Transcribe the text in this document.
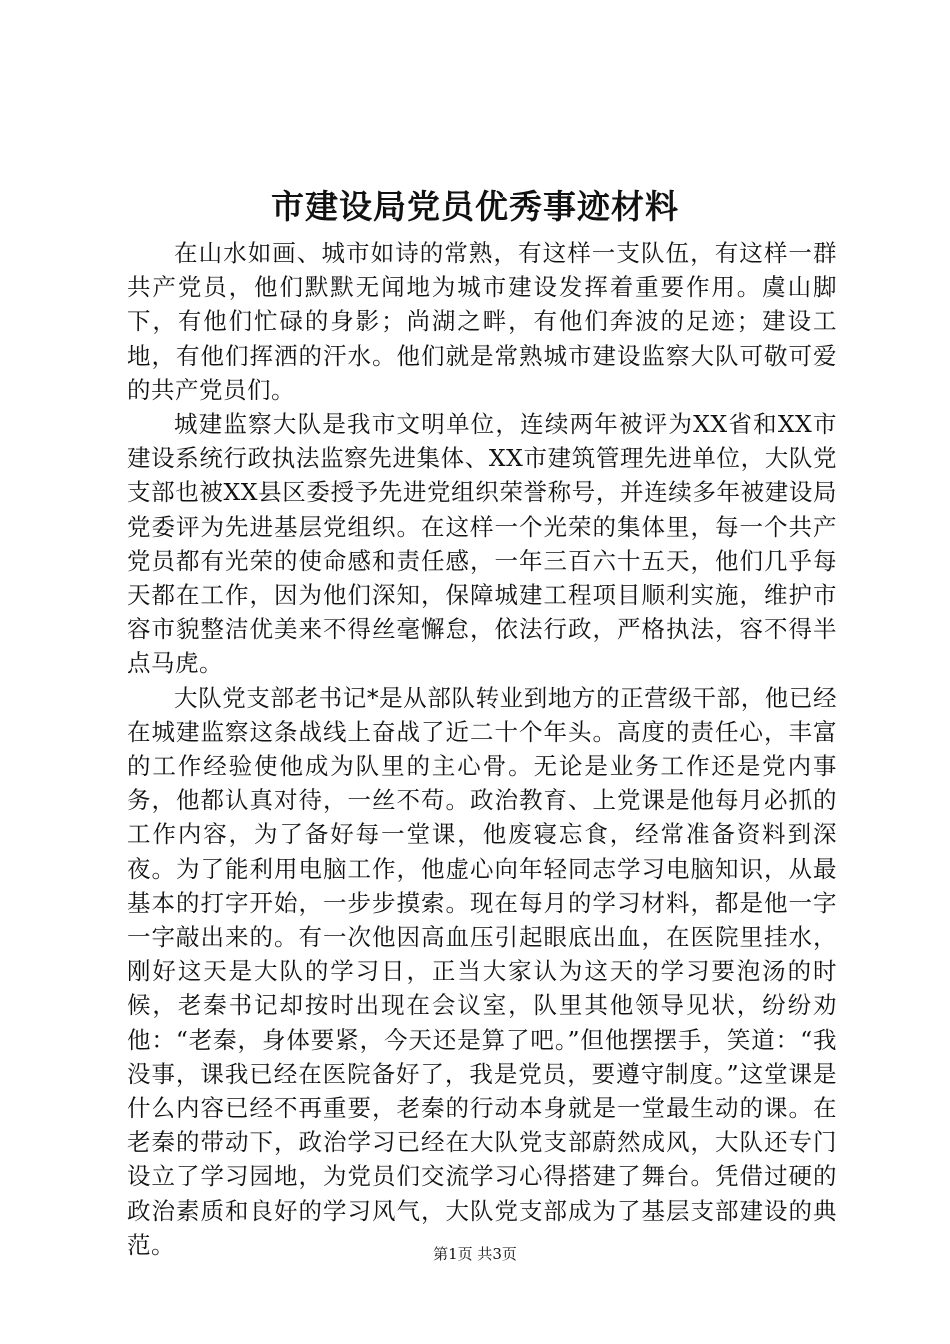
市建设局党员优秀事迹材料

在山水如画、城市如诗的常熟，有这样一支队伍，有这样一群共产党员，他们默默无闻地为城市建设发挥着重要作用。虞山脚下，有他们忙碌的身影；尚湖之畔，有他们奔波的足迹；建设工地，有他们挥洒的汗水。他们就是常熟城市建设监察大队可敬可爱的共产党员们。

城建监察大队是我市文明单位，连续两年被评为XX省和XX市建设系统行政执法监察先进集体、XX市建筑管理先进单位，大队党支部也被XX县区委授予先进党组织荣誉称号，并连续多年被建设局党委评为先进基层党组织。在这样一个光荣的集体里，每一个共产党员都有光荣的使命感和责任感，一年三百六十五天，他们几乎每天都在工作，因为他们深知，保障城建工程项目顺利实施，维护市容市貌整洁优美来不得丝毫懈怠，依法行政，严格执法，容不得半点马虎。

大队党支部老书记*是从部队转业到地方的正营级干部，他已经在城建监察这条战线上奋战了近二十个年头。高度的责任心，丰富的工作经验使他成为队里的主心骨。无论是业务工作还是党内事务，他都认真对待，一丝不苟。政治教育、上党课是他每月必抓的工作内容，为了备好每一堂课，他废寝忘食，经常准备资料到深夜。为了能利用电脑工作，他虚心向年轻同志学习电脑知识，从最基本的打字开始，一步步摸索。现在每月的学习材料，都是他一字一字敲出来的。有一次他因高血压引起眼底出血，在医院里挂水，刚好这天是大队的学习日，正当大家认为这天的学习要泡汤的时候，老秦书记却按时出现在会议室，队里其他领导见状，纷纷劝他：“老秦，身体要紧，今天还是算了吧。”但他摆摆手，笑道：“我没事，课我已经在医院备好了，我是党员，要遵守制度。”这堂课是什么内容已经不再重要，老秦的行动本身就是一堂最生动的课。在老秦的带动下，政治学习已经在大队党支部蔚然成风，大队还专门设立了学习园地，为党员们交流学习心得搭建了舞台。凭借过硬的政治素质和良好的学习风气，大队党支部成为了基层支部建设的典范。	第1页 共3页
